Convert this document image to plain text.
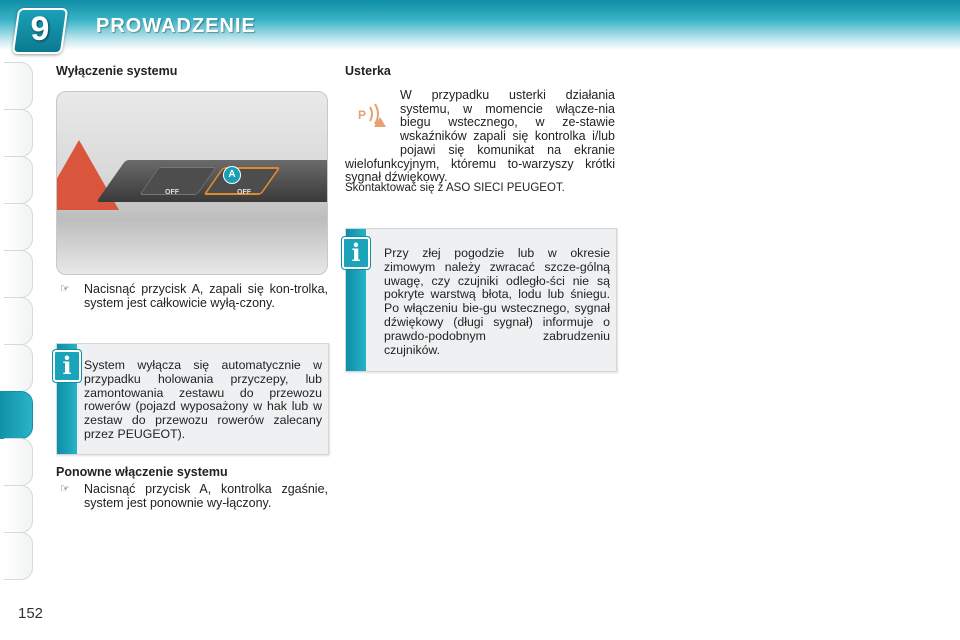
9	PROWADZENIE
Wyłączenie systemu
OFF	OFF
A
☞ Nacisnąć przycisk A, zapali się kon-trolka, system jest całkowicie wyłą-czony.
i	System wyłącza się automatycznie w przypadku holowania przyczepy, lub zamontowania zestawu do przewozu rowerów (pojazd wyposażony w hak lub w zestaw do przewozu rowerów zalecany przez PEUGEOT).
Ponowne włączenie systemu
☞ Nacisnąć przycisk A, kontrolka zgaśnie, system jest ponownie wy-łączony.
Usterka
P
W przypadku usterki działania systemu, w momencie włącze-nia biegu wstecznego, w ze-stawie wskaźników zapali się kontrolka i/lub pojawi się komunikat na ekranie wielofunkcyjnym, któremu to-warzyszy krótki sygnał dźwiękowy.
Skontaktować się z ASO SIECI PEUGEOT.
i	Przy złej pogodzie lub w okresie zimowym należy zwracać szcze-gólną uwagę, czy czujniki odległo-ści nie są pokryte warstwą błota, lodu lub śniegu. Po włączeniu bie-gu wstecznego, sygnał dźwiękowy (długi sygnał) informuje o prawdo-podobnym zabrudzeniu czujników.
152
